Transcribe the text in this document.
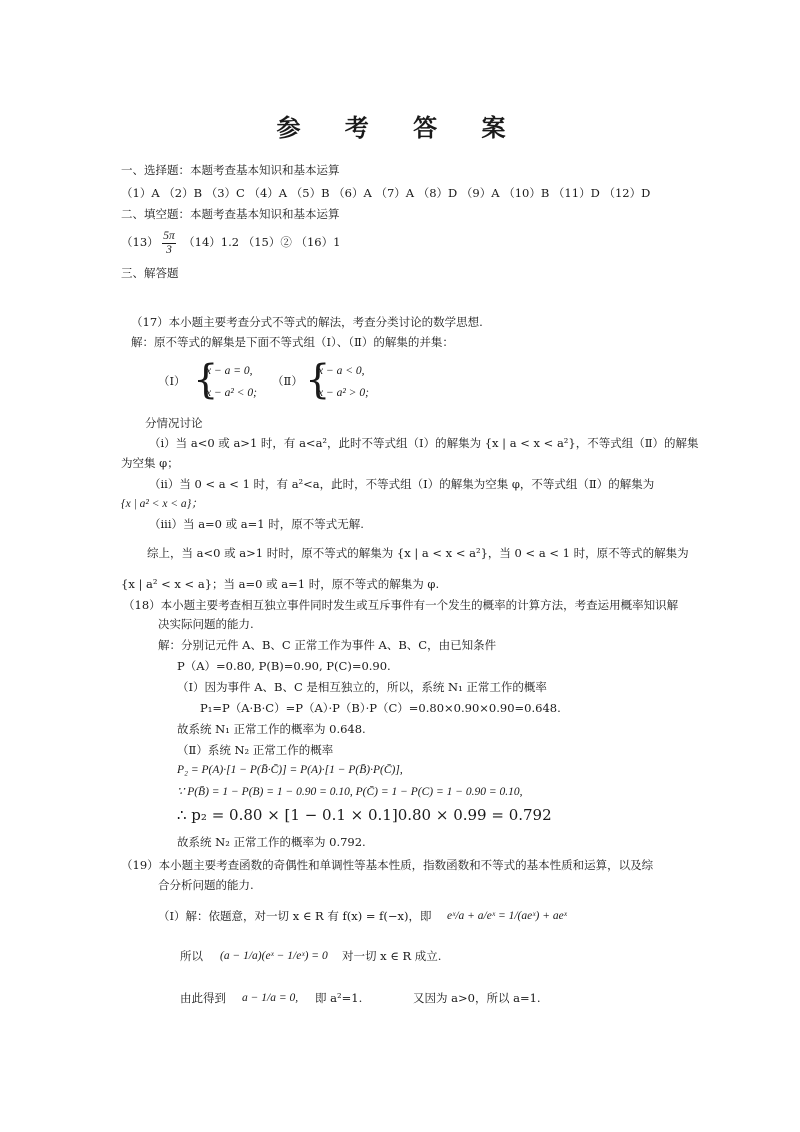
参 考 答 案
一、选择题：本题考查基本知识和基本运算
（1）A （2）B （3）C （4）A （5）B （6）A （7）A （8）D （9）A （10）B （11）D （12）D
二、填空题：本题考查基本知识和基本运算
$(13) \frac{5\pi}{3} (14)1.2$ （15）② （16）1
三、解答题
（17）本小题主要考查分式不等式的解法，考查分类讨论的数学思想.
解：原不等式的解集是下面不等式组（Ⅰ）、（Ⅱ）的解集的并集：
（Ⅰ） {
x − a = 0,
x − a² < 0;
（Ⅱ） {
x − a < 0,
x − a² > 0;
分情况讨论
（i）当 a<0 或 a>1 时，有 a<a²，此时不等式组（Ⅰ）的解集为 {x | a < x < a²}，不等式组（Ⅱ）的解集
为空集 φ；
（ii）当 0 < a < 1 时，有 a²<a，此时，不等式组（Ⅰ）的解集为空集 φ，不等式组（Ⅱ）的解集为
{x | a² < x < a}；
（iii）当 a=0 或 a=1 时，原不等式无解.
综上，当 a<0 或 a>1 时时，原不等式的解集为 {x | a < x < a²}，当 0 < a < 1 时，原不等式的解集为
{x | a² < x < a}；当 a=0 或 a=1 时，原不等式的解集为 φ.
（18）本小题主要考查相互独立事件同时发生或互斥事件有一个发生的概率的计算方法，考查运用概率知识解
决实际问题的能力.
解：分别记元件 A、B、C 正常工作为事件 A、B、C，由已知条件
P（A）=0.80, P(B)=0.90, P(C)=0.90.
（Ⅰ）因为事件 A、B、C 是相互独立的，所以，系统 N₁ 正常工作的概率
P₁=P（A·B·C）=P（A）·P（B）·P（C）=0.80×0.90×0.90=0.648.
故系统 N₁ 正常工作的概率为 0.648.
（Ⅱ）系统 N₂ 正常工作的概率
P₂ = P(A)·[1 − P(B̄·C̄)] = P(A)·[1 − P(B̄)·P(C̄)],
∵ P(B̄) = 1 − P(B) = 1 − 0.90 = 0.10, P(C̄) = 1 − P(C) = 1 − 0.90 = 0.10,
∴ p₂ = 0.80 × [1 − 0.1 × 0.1]0.80 × 0.99 = 0.792
故系统 N₂ 正常工作的概率为 0.792.
（19）本小题主要考查函数的奇偶性和单调性等基本性质，指数函数和不等式的基本性质和运算，以及综
合分析问题的能力.
（Ⅰ）解：依题意，对一切 x ∈ R 有 f(x) = f(−x)，即 eˣ/a + a/eˣ = 1/(aeˣ) + aeˣ
所以 (a − 1/a)(eˣ − 1/eˣ) = 0 对一切 x ∈ R 成立.
由此得到 a − 1/a = 0, 即 a²=1.	又因为 a>0，所以 a=1.
